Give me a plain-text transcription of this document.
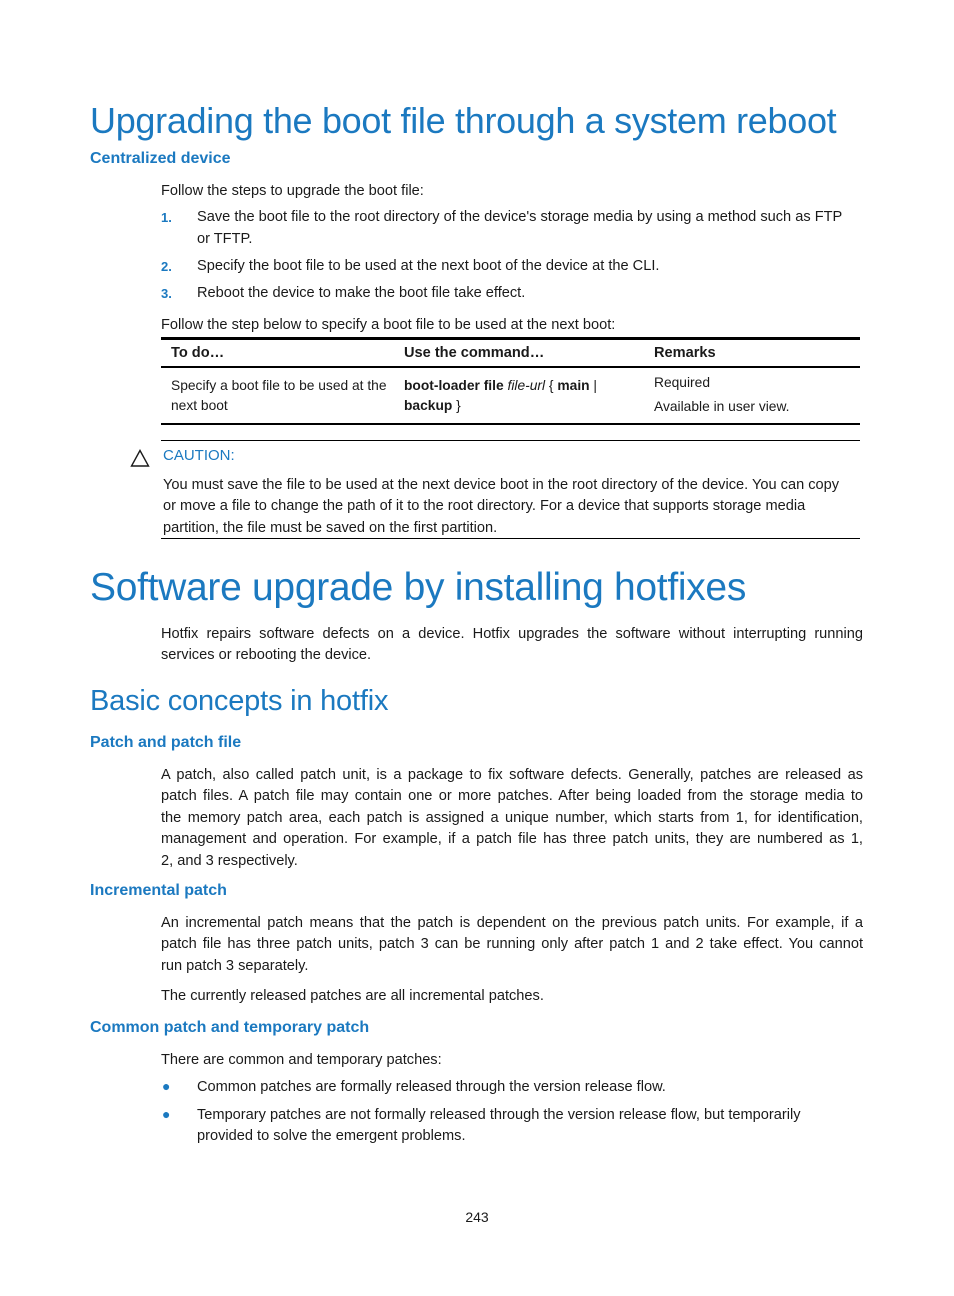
Upgrading the boot file through a system reboot
Centralized device
Follow the steps to upgrade the boot file:
1. Save the boot file to the root directory of the device's storage media by using a method such as FTP
or TFTP.
2. Specify the boot file to be used at the next boot of the device at the CLI.
3. Reboot the device to make the boot file take effect.
Follow the step below to specify a boot file to be used at the next boot:
To do…	Use the command…	Remarks
Specify a boot file to be used at the
next boot
boot-loader file file-url { main |
backup }
Required
Available in user view.
CAUTION:
You must save the file to be used at the next device boot in the root directory of the device. You can copy
or move a file to change the path of it to the root directory. For a device that supports storage media
partition, the file must be saved on the first partition.
Software upgrade by installing hotfixes
Hotfix repairs software defects on a device. Hotfix upgrades the software without interrupting running
services or rebooting the device.
Basic concepts in hotfix
Patch and patch file
A patch, also called patch unit, is a package to fix software defects. Generally, patches are released as
patch files. A patch file may contain one or more patches. After being loaded from the storage media to
the memory patch area, each patch is assigned a unique number, which starts from 1, for identification,
management and operation. For example, if a patch file has three patch units, they are numbered as 1,
2, and 3 respectively.
Incremental patch
An incremental patch means that the patch is dependent on the previous patch units. For example, if a
patch file has three patch units, patch 3 can be running only after patch 1 and 2 take effect. You cannot
run patch 3 separately.
The currently released patches are all incremental patches.
Common patch and temporary patch
There are common and temporary patches:
● Common patches are formally released through the version release flow.
● Temporary patches are not formally released through the version release flow, but temporarily
provided to solve the emergent problems.
243
